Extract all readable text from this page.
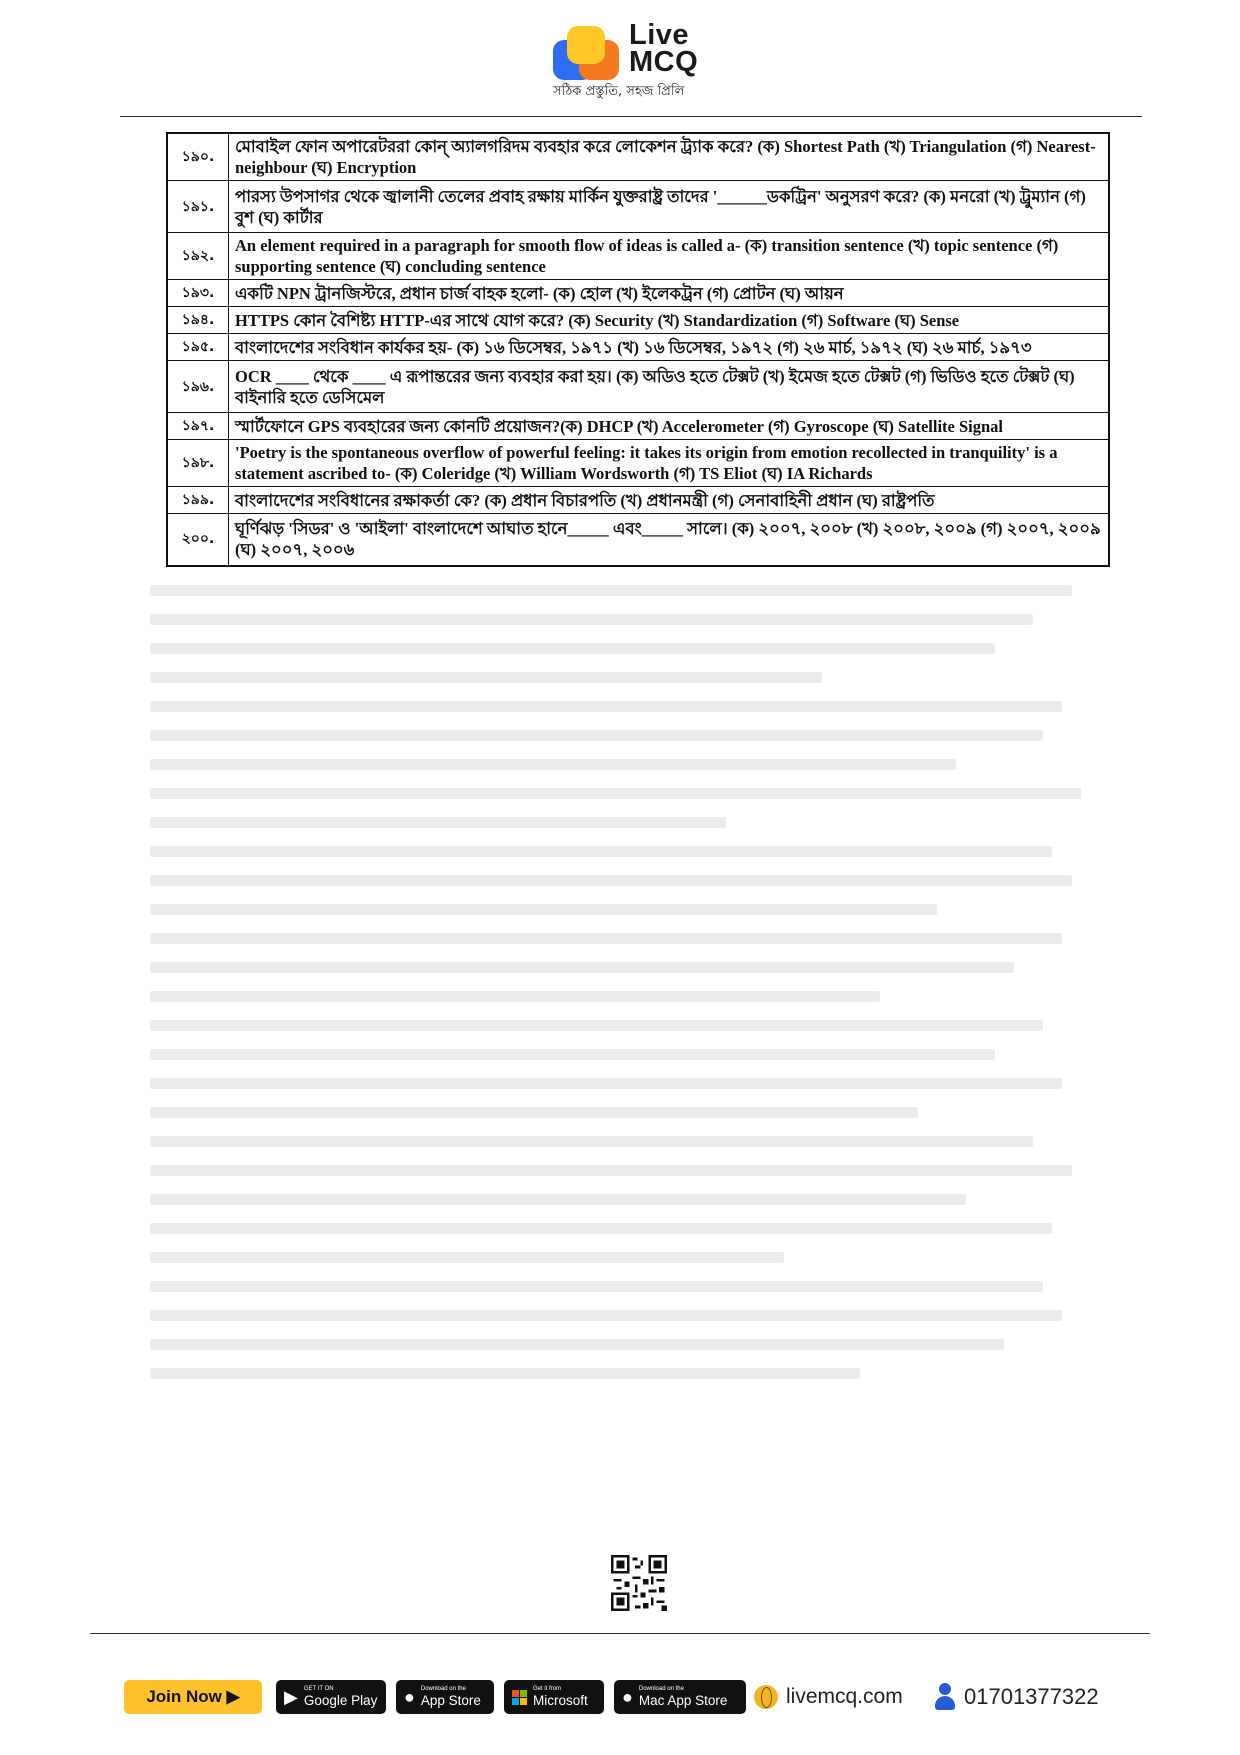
Live
MCQ
সঠিক প্রস্তুতি, সহজ প্রিলি
১৯০.	মোবাইল ফোন অপারেটররা কোন্ অ্যালগরিদম ব্যবহার করে লোকেশন ট্র্যাক করে? (ক) Shortest Path (খ) Triangulation (গ) Nearest-neighbour (ঘ) Encryption
১৯১.	পারস্য উপসাগর থেকে জ্বালানী তেলের প্রবাহ রক্ষায় মার্কিন যুক্তরাষ্ট্র তাদের '______ডকট্রিন' অনুসরণ করে? (ক) মনরো (খ) ট্রুম্যান (গ) বুশ (ঘ) কার্টার
১৯২.	An element required in a paragraph for smooth flow of ideas is called a- (ক) transition sentence (খ) topic sentence (গ) supporting sentence (ঘ) concluding sentence
১৯৩.	একটি NPN ট্রানজিস্টরে, প্রধান চার্জ বাহক হলো- (ক) হোল (খ) ইলেকট্রন (গ) প্রোটন (ঘ) আয়ন
১৯৪.	HTTPS কোন বৈশিষ্ট্য HTTP-এর সাথে যোগ করে? (ক) Security (খ) Standardization (গ) Software (ঘ) Sense
১৯৫.	বাংলাদেশের সংবিধান কার্যকর হয়- (ক) ১৬ ডিসেম্বর, ১৯৭১ (খ) ১৬ ডিসেম্বর, ১৯৭২ (গ) ২৬ মার্চ, ১৯৭২ (ঘ) ২৬ মার্চ, ১৯৭৩
১৯৬.	OCR ____ থেকে ____ এ রূপান্তরের জন্য ব্যবহার করা হয়। (ক) অডিও হতে টেক্সট (খ) ইমেজ হতে টেক্সট (গ) ভিডিও হতে টেক্সট (ঘ) বাইনারি হতে ডেসিমেল
১৯৭.	স্মার্টফোনে GPS ব্যবহারের জন্য কোনটি প্রয়োজন?(ক) DHCP (খ) Accelerometer (গ) Gyroscope (ঘ) Satellite Signal
১৯৮.	'Poetry is the spontaneous overflow of powerful feeling: it takes its origin from emotion recollected in tranquility' is a statement ascribed to- (ক) Coleridge (খ) William Wordsworth (গ) TS Eliot (ঘ) IA Richards
১৯৯.	বাংলাদেশের সংবিধানের রক্ষাকর্তা কে? (ক) প্রধান বিচারপতি (খ) প্রধানমন্ত্রী (গ) সেনাবাহিনী প্রধান (ঘ) রাষ্ট্রপতি
২০০.	ঘূর্ণিঝড় 'সিডর' ও 'আইলা' বাংলাদেশে আঘাত হানে_____ এবং_____ সালে। (ক) ২০০৭, ২০০৮ (খ) ২০০৮, ২০০৯ (গ) ২০০৭, ২০০৯ (ঘ) ২০০৭, ২০০৬
Join Now ▶	▶ GET IT ON
Google Play ● Download on the
App Store
Get it from
Microsoft ● Download on the
Mac App Store	livemcq.com	01701377322
